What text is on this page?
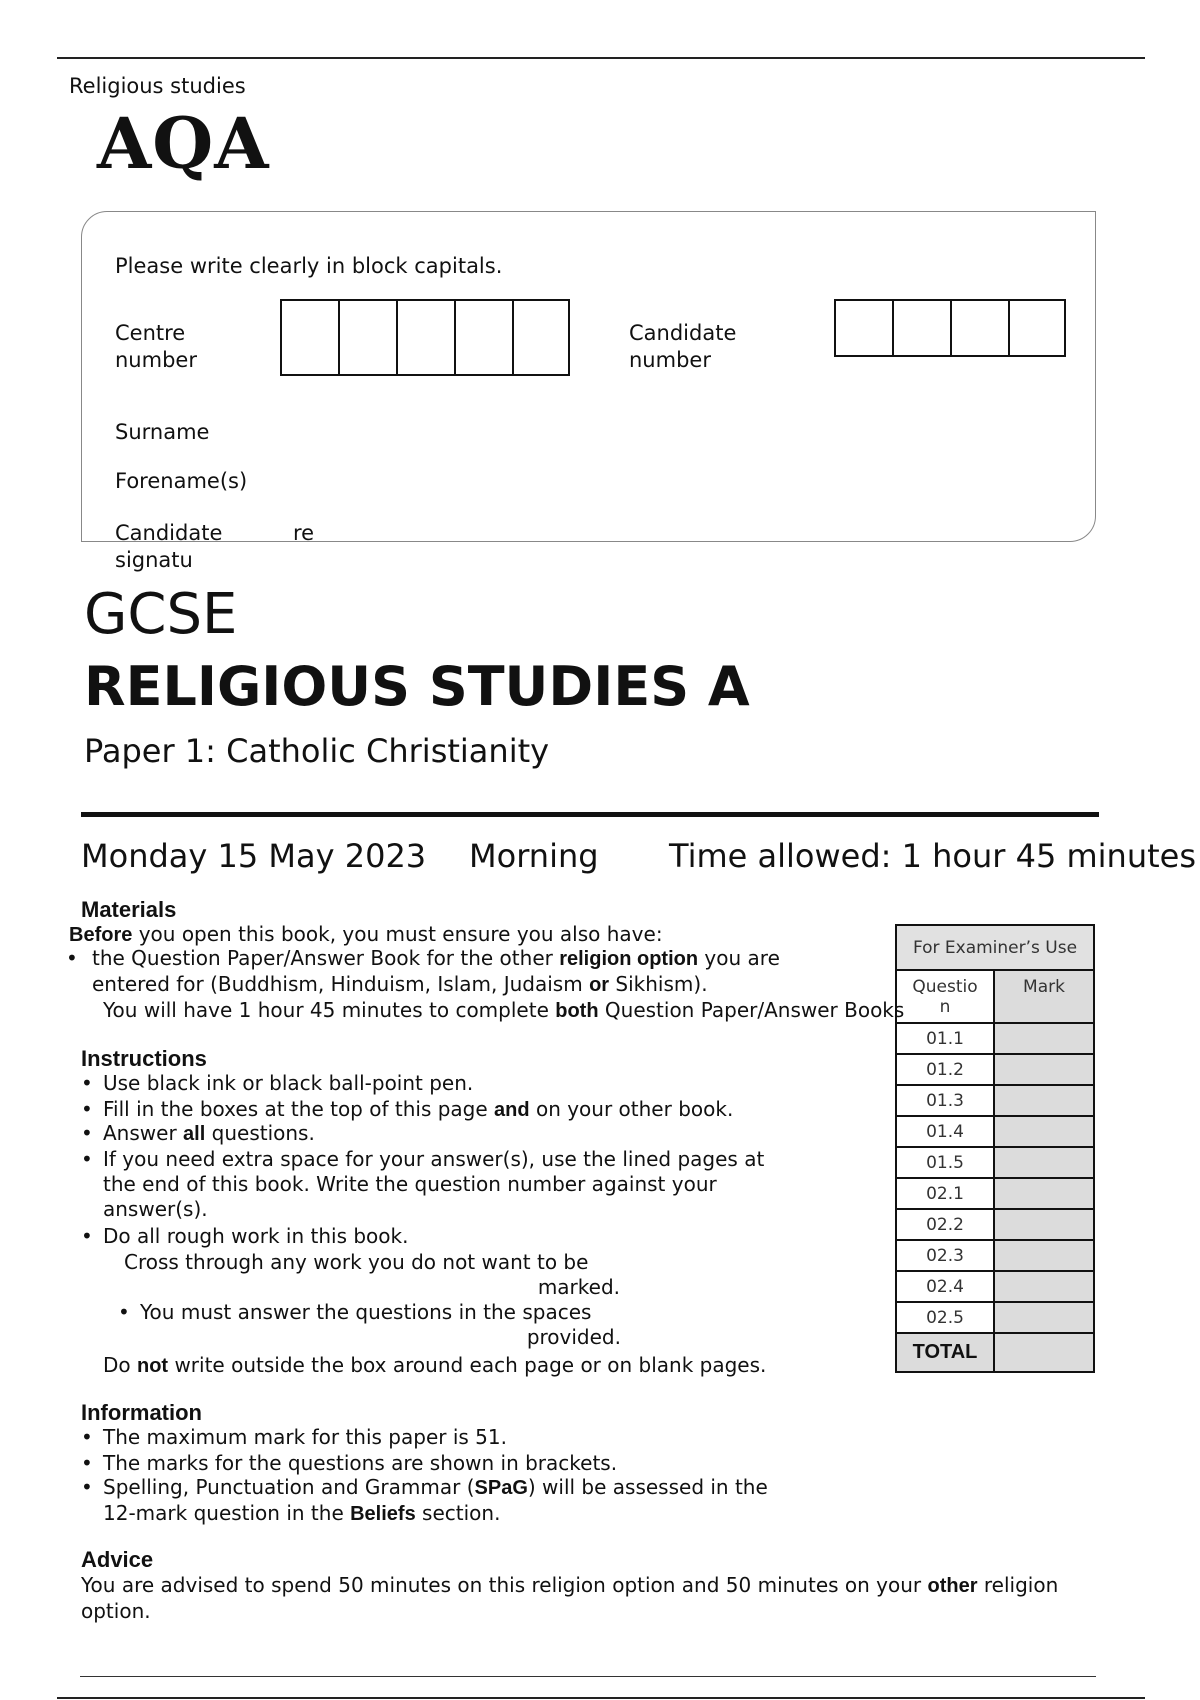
Religious studies
AQA
Please write clearly in block capitals.
Centre
number
Candidate
number
Surname
Forename(s)
Candidate
signatu
re
GCSE
RELIGIOUS STUDIES A
Paper 1: Catholic Christianity
Monday 15 May 2023 Morning Time allowed: 1 hour 45 minutes
Materials
Before you open this book, you must ensure you also have:
• the Question Paper/Answer Book for the other religion option you are
entered for (Buddhism, Hinduism, Islam, Judaism or Sikhism).
You will have 1 hour 45 minutes to complete both Question Paper/Answer Books
Instructions
• Use black ink or black ball-point pen.
• Fill in the boxes at the top of this page and on your other book.
• Answer all questions.
• If you need extra space for your answer(s), use the lined pages at
the end of this book. Write the question number against your
answer(s).
• Do all rough work in this book.
Cross through any work you do not want to be
marked.
• You must answer the questions in the spaces
provided.
Do not write outside the box around each page or on blank pages.
Information
• The maximum mark for this paper is 51.
• The marks for the questions are shown in brackets.
• Spelling, Punctuation and Grammar (SPaG) will be assessed in the
12-mark question in the Beliefs section.
Advice
You are advised to spend 50 minutes on this religion option and 50 minutes on your other religion
option.
For Examiner’s Use	

Questio
n	Mark
01.1	
01.2	
01.3	
01.4	
01.5	
02.1	
02.2	
02.3	
02.4	
02.5	
TOTAL	
